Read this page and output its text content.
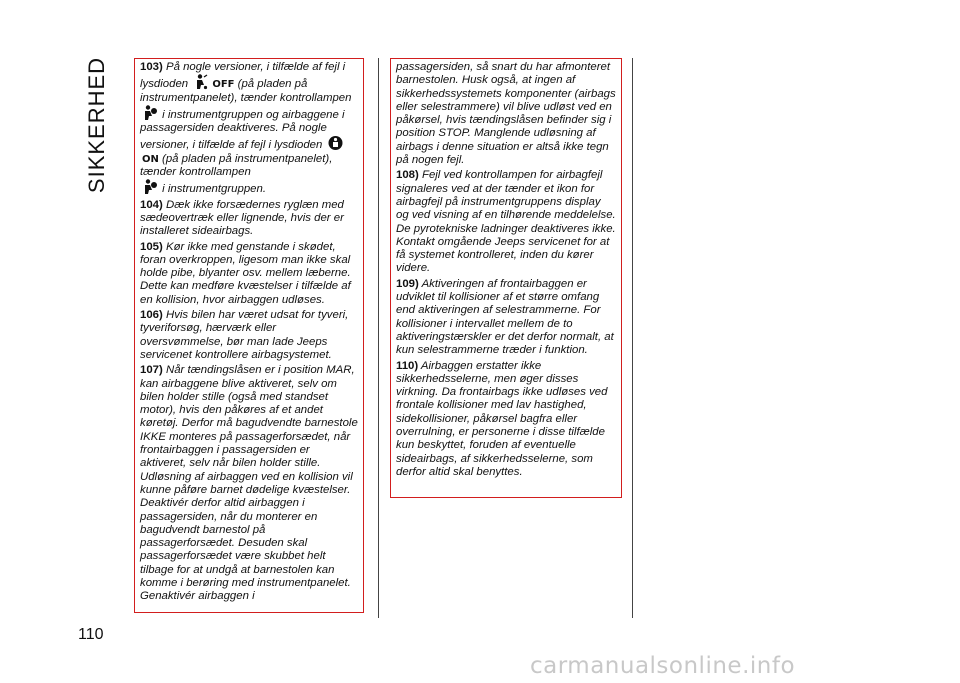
SIKKERHED	103) På nogle versioner, i tilfælde af fejl i lysdioden OFF (på pladen på instrumentpanelet), tænder kontrollampen
i instrumentgruppen og airbaggene i passagersiden deaktiveres. På nogle versioner, i tilfælde af fejl i lysdioden
ON (på pladen på instrumentpanelet), tænder kontrollampen

i instrumentgruppen.

104) Dæk ikke forsædernes ryglæn med sædeovertræk eller lignende, hvis der er installeret sideairbags.

105) Kør ikke med genstande i skødet, foran overkroppen, ligesom man ikke skal holde pibe, blyanter osv. mellem læberne. Dette kan medføre kvæstelser i tilfælde af en kollision, hvor airbaggen udløses.

106) Hvis bilen har været udsat for tyveri, tyveriforsøg, hærværk eller oversvømmelse, bør man lade Jeeps servicenet kontrollere airbagsystemet.

107) Når tændingslåsen er i position MAR, kan airbaggene blive aktiveret, selv om bilen holder stille (også med standset motor), hvis den påkøres af et andet køretøj. Derfor må bagudvendte barnestole IKKE monteres på passagerforsædet, når frontairbaggen i passagersiden er aktiveret, selv når bilen holder stille. Udløsning af airbaggen ved en kollision vil kunne påføre barnet dødelige kvæstelser. Deaktivér derfor altid airbaggen i passagersiden, når du monterer en bagudvendt barnestol på passagerforsædet. Desuden skal passagerforsædet være skubbet helt tilbage for at undgå at barnestolen kan komme i berøring med instrumentpanelet. Genaktivér airbaggen i

passagersiden, så snart du har afmonteret barnestolen. Husk også, at ingen af sikkerhedssystemets komponenter (airbags eller selestrammere) vil blive udløst ved en påkørsel, hvis tændingslåsen befinder sig i position STOP. Manglende udløsning af airbags i denne situation er altså ikke tegn på nogen fejl.

108) Fejl ved kontrollampen for airbagfejl signaleres ved at der tænder et ikon for airbagfejl på instrumentgruppens display og ved visning af en tilhørende meddelelse. De pyrotekniske ladninger deaktiveres ikke. Kontakt omgående Jeeps servicenet for at få systemet kontrolleret, inden du kører videre.

109) Aktiveringen af frontairbaggen er udviklet til kollisioner af et større omfang end aktiveringen af selestrammerne. For kollisioner i intervallet mellem de to aktiveringstærskler er det derfor normalt, at kun selestrammerne træder i funktion.

110) Airbaggen erstatter ikke sikkerhedsselerne, men øger disses virkning. Da frontairbags ikke udløses ved frontale kollisioner med lav hastighed, sidekollisioner, påkørsel bagfra eller overrulning, er personerne i disse tilfælde kun beskyttet, foruden af eventuelle sideairbags, af sikkerhedsselerne, som derfor altid skal benyttes.

110
carmanualsonline.info
